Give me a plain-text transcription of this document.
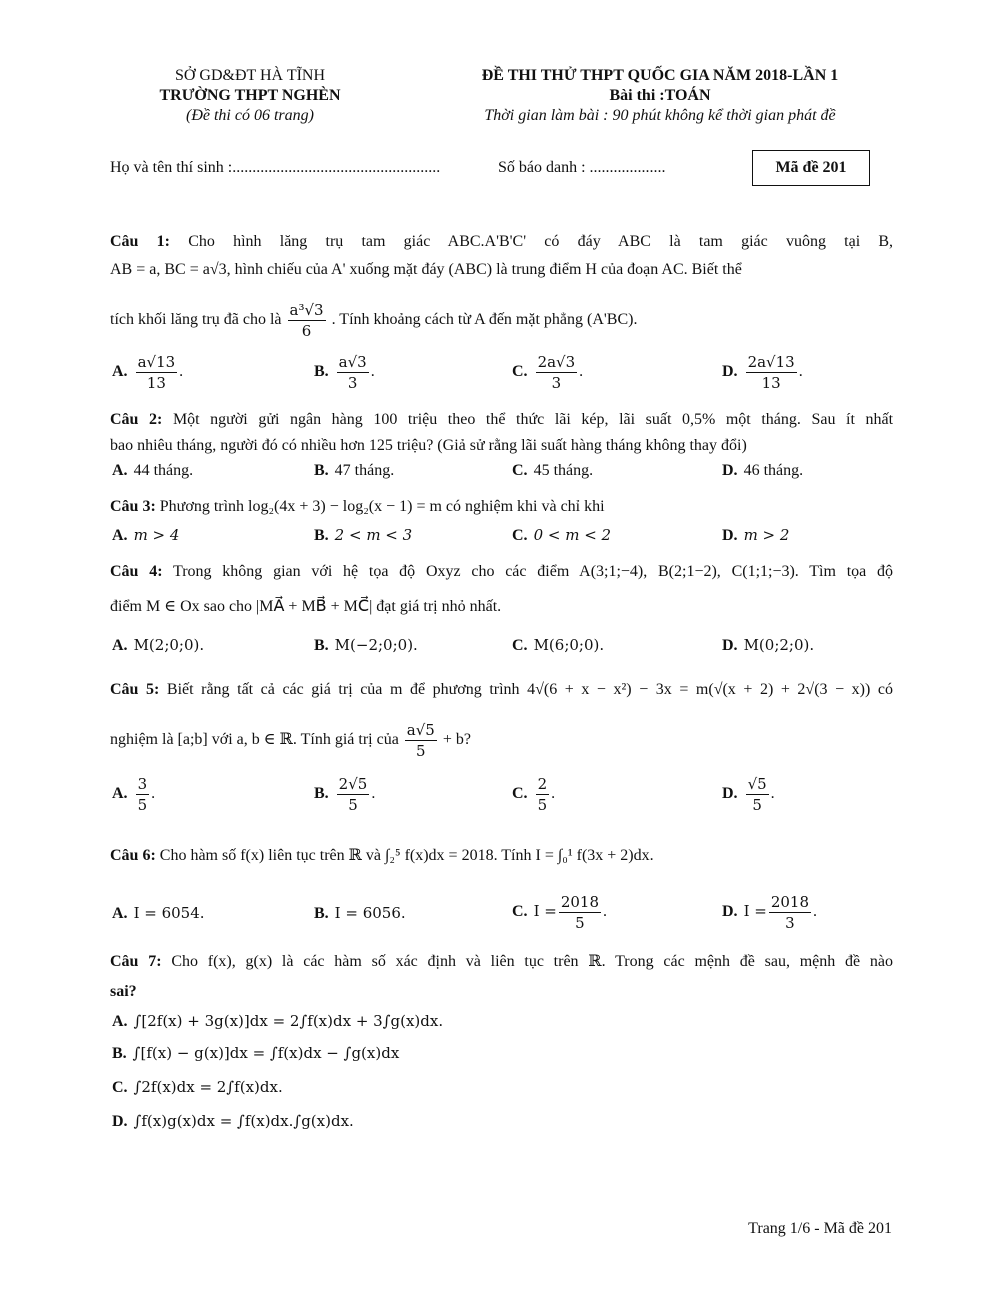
SỞ GD&ĐT HÀ TĨNH
TRƯỜNG THPT NGHÈN
(Đề thi có 06 trang)
ĐỀ THI THỬ THPT QUỐC GIA NĂM 2018-LẦN 1
Bài thi :TOÁN
Thời gian làm bài : 90 phút không kể thời gian phát đề
Họ và tên thí sinh :....................................................	Số báo danh : ...................	Mã đề 201
Câu 1: Cho hình lăng trụ tam giác ABC.A'B'C' có đáy ABC là tam giác vuông tại B,
AB = a, BC = a√3, hình chiếu của A' xuống mặt đáy (ABC) là trung điểm H của đoạn AC. Biết thể
tích khối lăng trụ đã cho là $\frac{\text{a³√3}}{6}$ . Tính khoảng cách từ A đến mặt phẳng (A'BC).
A. $\frac{a√13}{13}$ .	B. $\frac{a√3}{3}$ .	C. $\frac{2a√3}{3}$ .	D. $\frac{2a√13}{13}$ .
Câu 2: Một người gửi ngân hàng 100 triệu theo thể thức lãi kép, lãi suất 0,5% một tháng. Sau ít nhất
bao nhiêu tháng, người đó có nhiều hơn 125 triệu? (Giả sử rằng lãi suất hàng tháng không thay đổi)
A. 44 tháng.	B. 47 tháng.	C. 45 tháng.	D. 46 tháng.
Câu 3: Phương trình log₂(4x + 3) − log₂(x − 1) = m có nghiệm khi và chỉ khi
A. m > 4	B. 2 < m < 3	C. 0 < m < 2	D. m > 2
Câu 4: Trong không gian với hệ tọa độ Oxyz cho các điểm A(3;1;−4), B(2;1−2), C(1;1;−3). Tìm tọa độ
điểm M ∈ Ox sao cho |MA⃗ + MB⃗ + MC⃗| đạt giá trị nhỏ nhất.
A. M(2;0;0).	B. M(−2;0;0).	C. M(6;0;0).	D. M(0;2;0).
Câu 5: Biết rằng tất cả các giá trị của m để phương trình 4√(6 + x − x²) − 3x = m(√(x + 2) + 2√(3 − x)) có
nghiệm là [a;b] với a, b ∈ ℝ. Tính giá trị của $\frac{a√5}{5} + b$?
A. $\frac{3}{5}$ .	B. $\frac{2√5}{5}$ .	C. $\frac{2}{5}$ .	D. $\frac{√5}{5}$ .
Câu 6: Cho hàm số f(x) liên tục trên ℝ và ∫₂⁵ f(x)dx = 2018. Tính I = ∫₀¹ f(3x + 2)dx.
A. I = 6054.	B. I = 6056.	C. $I = \frac{2018}{5}$ .	D. $I = \frac{2018}{3}$ .
Câu 7: Cho f(x), g(x) là các hàm số xác định và liên tục trên ℝ. Trong các mệnh đề sau, mệnh đề nào
sai?
A. ∫[2f(x) + 3g(x)]dx = 2∫f(x)dx + 3∫g(x)dx.
B. ∫[f(x) − g(x)]dx = ∫f(x)dx − ∫g(x)dx
C. ∫2f(x)dx = 2∫f(x)dx.
D. ∫f(x)g(x)dx = ∫f(x)dx.∫g(x)dx.
Trang 1/6 - Mã đề 201
